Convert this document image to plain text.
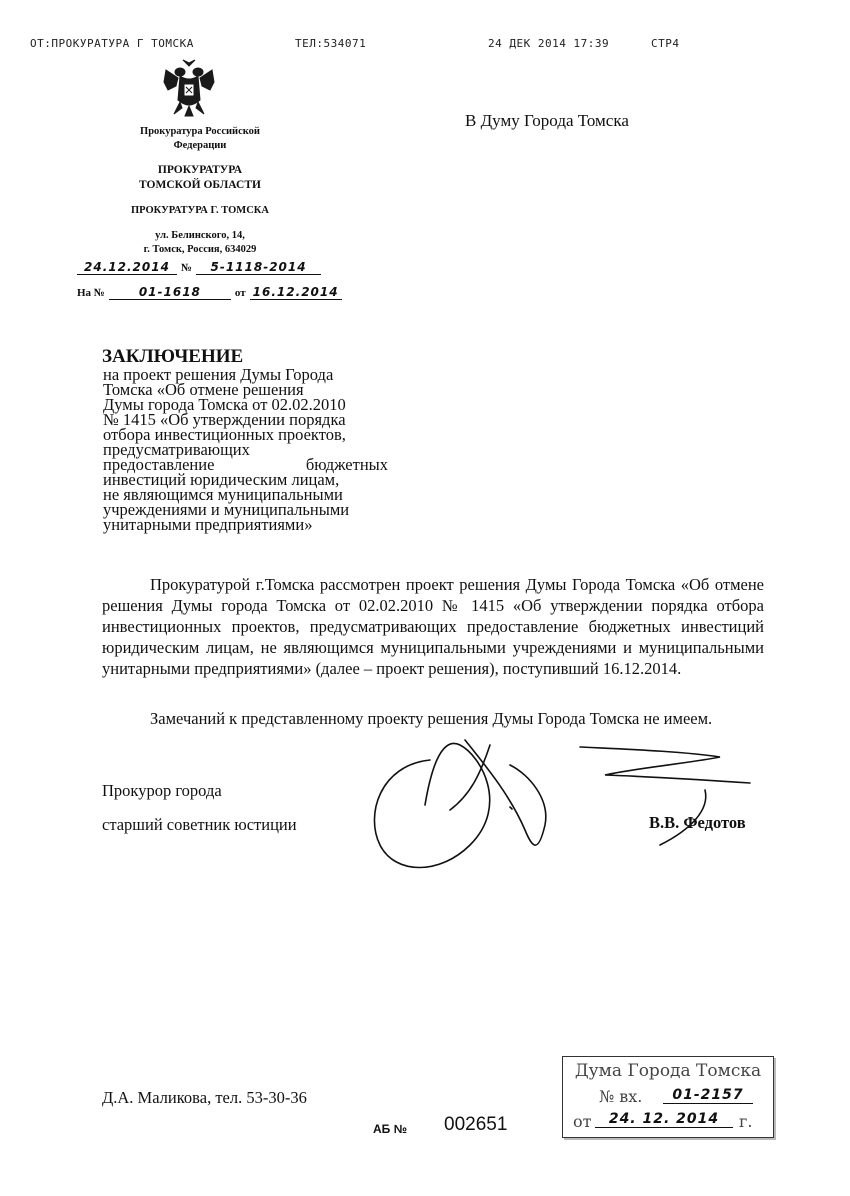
ОТ:ПРОКУРАТУРА Г ТОМСКА	ТЕЛ:534071	24 ДЕК 2014 17:39	СТР4
Прокуратура Российской
Федерации
ПРОКУРАТУРА
ТОМСКОЙ ОБЛАСТИ
ПРОКУРАТУРА Г. ТОМСКА
ул. Белинского, 14,
г. Томск, Россия, 634029
24.12.2014 № 5-1118-2014
На №	01-1618	от 16.12.2014
В Думу Города Томска
ЗАКЛЮЧЕНИЕ
на проект решения Думы Города
Томска «Об отмене решения
Думы города Томска от 02.02.2010
№ 1415 «Об утверждении порядка
отбора инвестиционных проектов,
предусматривающих
предоставление бюджетных
инвестиций юридическим лицам,
не являющимся муниципальными
учреждениями и муниципальными
унитарными предприятиями»
Прокуратурой г.Томска рассмотрен проект решения Думы Города Томска «Об отмене решения Думы города Томска от 02.02.2010 № 1415 «Об утверждении порядка отбора инвестиционных проектов, предусматривающих предоставление бюджетных инвестиций юридическим лицам, не являющимся муниципальными учреждениями и муниципальными унитарными предприятиями» (далее – проект решения), поступивший 16.12.2014.
Замечаний к представленному проекту решения Думы Города Томска не имеем.
Прокурор города
старший советник юстиции	В.В. Федотов
Д.А. Маликова, тел. 53-30-36
АБ № 002651
Дума Города Томска
№ вх.	01-2157
от	24. 12. 2014	г.
